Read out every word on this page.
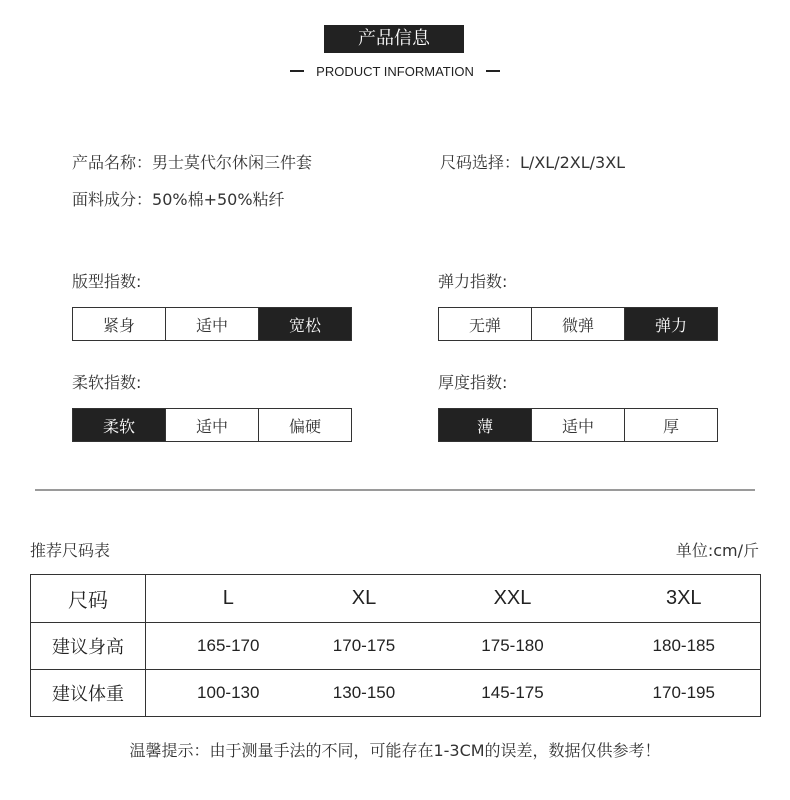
产品信息
PRODUCT INFORMATION
产品名称：男士莫代尔休闲三件套	尺码选择：L/XL/2XL/3XL
面料成分：50%棉+50%粘纤
版型指数:
紧身	适中	宽松
弹力指数:
无弹	微弹	弹力
柔软指数:
柔软	适中	偏硬
厚度指数:
薄	适中	厚
推荐尺码表	单位:cm/斤
尺码	L	XL	XXL	3XL
建议身高	165-170	170-175	175-180	180-185
建议体重	100-130	130-150	145-175	170-195
温馨提示：由于测量手法的不同，可能存在1-3CM的误差，数据仅供参考！
